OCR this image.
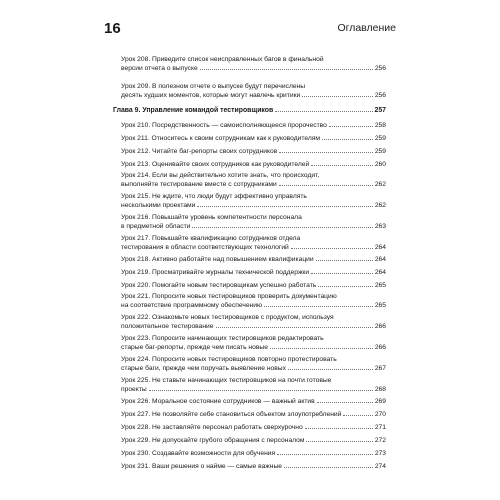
16	Оглавление
Урок 208. Приведите список неисправленных багов в финальной
версии отчета о выпуске	256
Урок 209. В полезном отчете о выпуске будут перечислены
десять худших моментов, которые могут навлечь критики	256
Глава 9. Управление командой тестировщиков	257
Урок 210. Посредственность — самоисполняющееся пророчество	258
Урок 211. Относитесь к своим сотрудникам как к руководителям	259
Урок 212. Читайте баг-репорты своих сотрудников	259
Урок 213. Оценивайте своих сотрудников как руководителей	260
Урок 214. Если вы действительно хотите знать, что происходит,
выполняйте тестирование вместе с сотрудниками	262
Урок 215. Не ждите, что люди будут эффективно управлять
несколькими проектами	262
Урок 216. Повышайте уровень компетентности персонала
в предметной области	263
Урок 217. Повышайте квалификацию сотрудников отдела
тестирования в области соответствующих технологий	264
Урок 218. Активно работайте над повышением квалификации	264
Урок 219. Просматривайте журналы технической поддержки	264
Урок 220. Помогайте новым тестировщикам успешно работать	265
Урок 221. Попросите новых тестировщиков проверить документацию
на соответствие программному обеспечению	265
Урок 222. Ознакомьте новых тестировщиков с продуктом, используя
положительное тестирование	266
Урок 223. Попросите начинающих тестировщиков редактировать
старые баг-репорты, прежде чем писать новые	266
Урок 224. Попросите новых тестировщиков повторно протестировать
старые баги, прежде чем поручать выявление новых	267
Урок 225. Не ставьте начинающих тестировщиков на почти готовые
проекты	268
Урок 226. Моральное состояние сотрудников — важный актив	269
Урок 227. Не позволяйте себе становиться объектом злоупотреблений	270
Урок 228. Не заставляйте персонал работать сверхурочно	271
Урок 229. Не допускайте грубого обращения с персоналом	272
Урок 230. Создавайте возможности для обучения	273
Урок 231. Ваши решения о найме — самые важные	274
